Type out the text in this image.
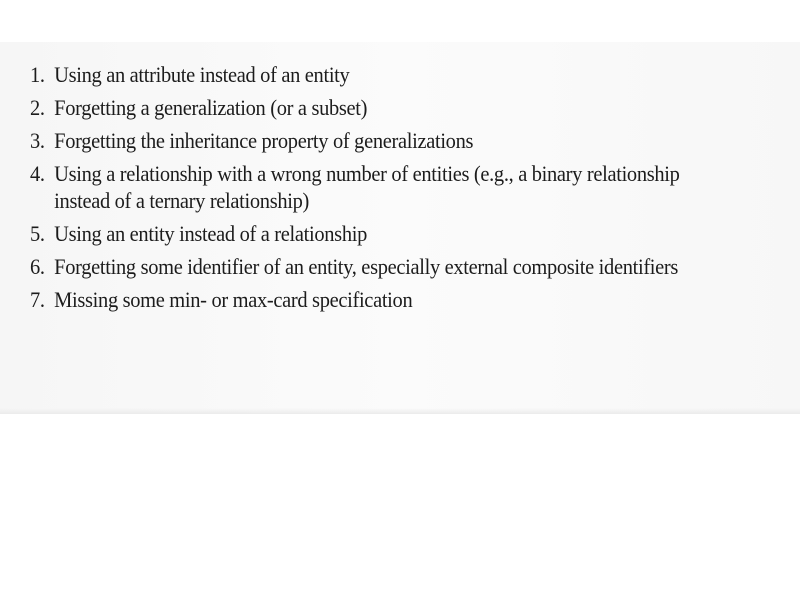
1. Using an attribute instead of an entity
2. Forgetting a generalization (or a subset)
3. Forgetting the inheritance property of generalizations
4. Using a relationship with a wrong number of entities (e.g., a binary relationship
instead of a ternary relationship)
5. Using an entity instead of a relationship
6. Forgetting some identifier of an entity, especially external composite identifiers
7. Missing some min- or max-card specification
